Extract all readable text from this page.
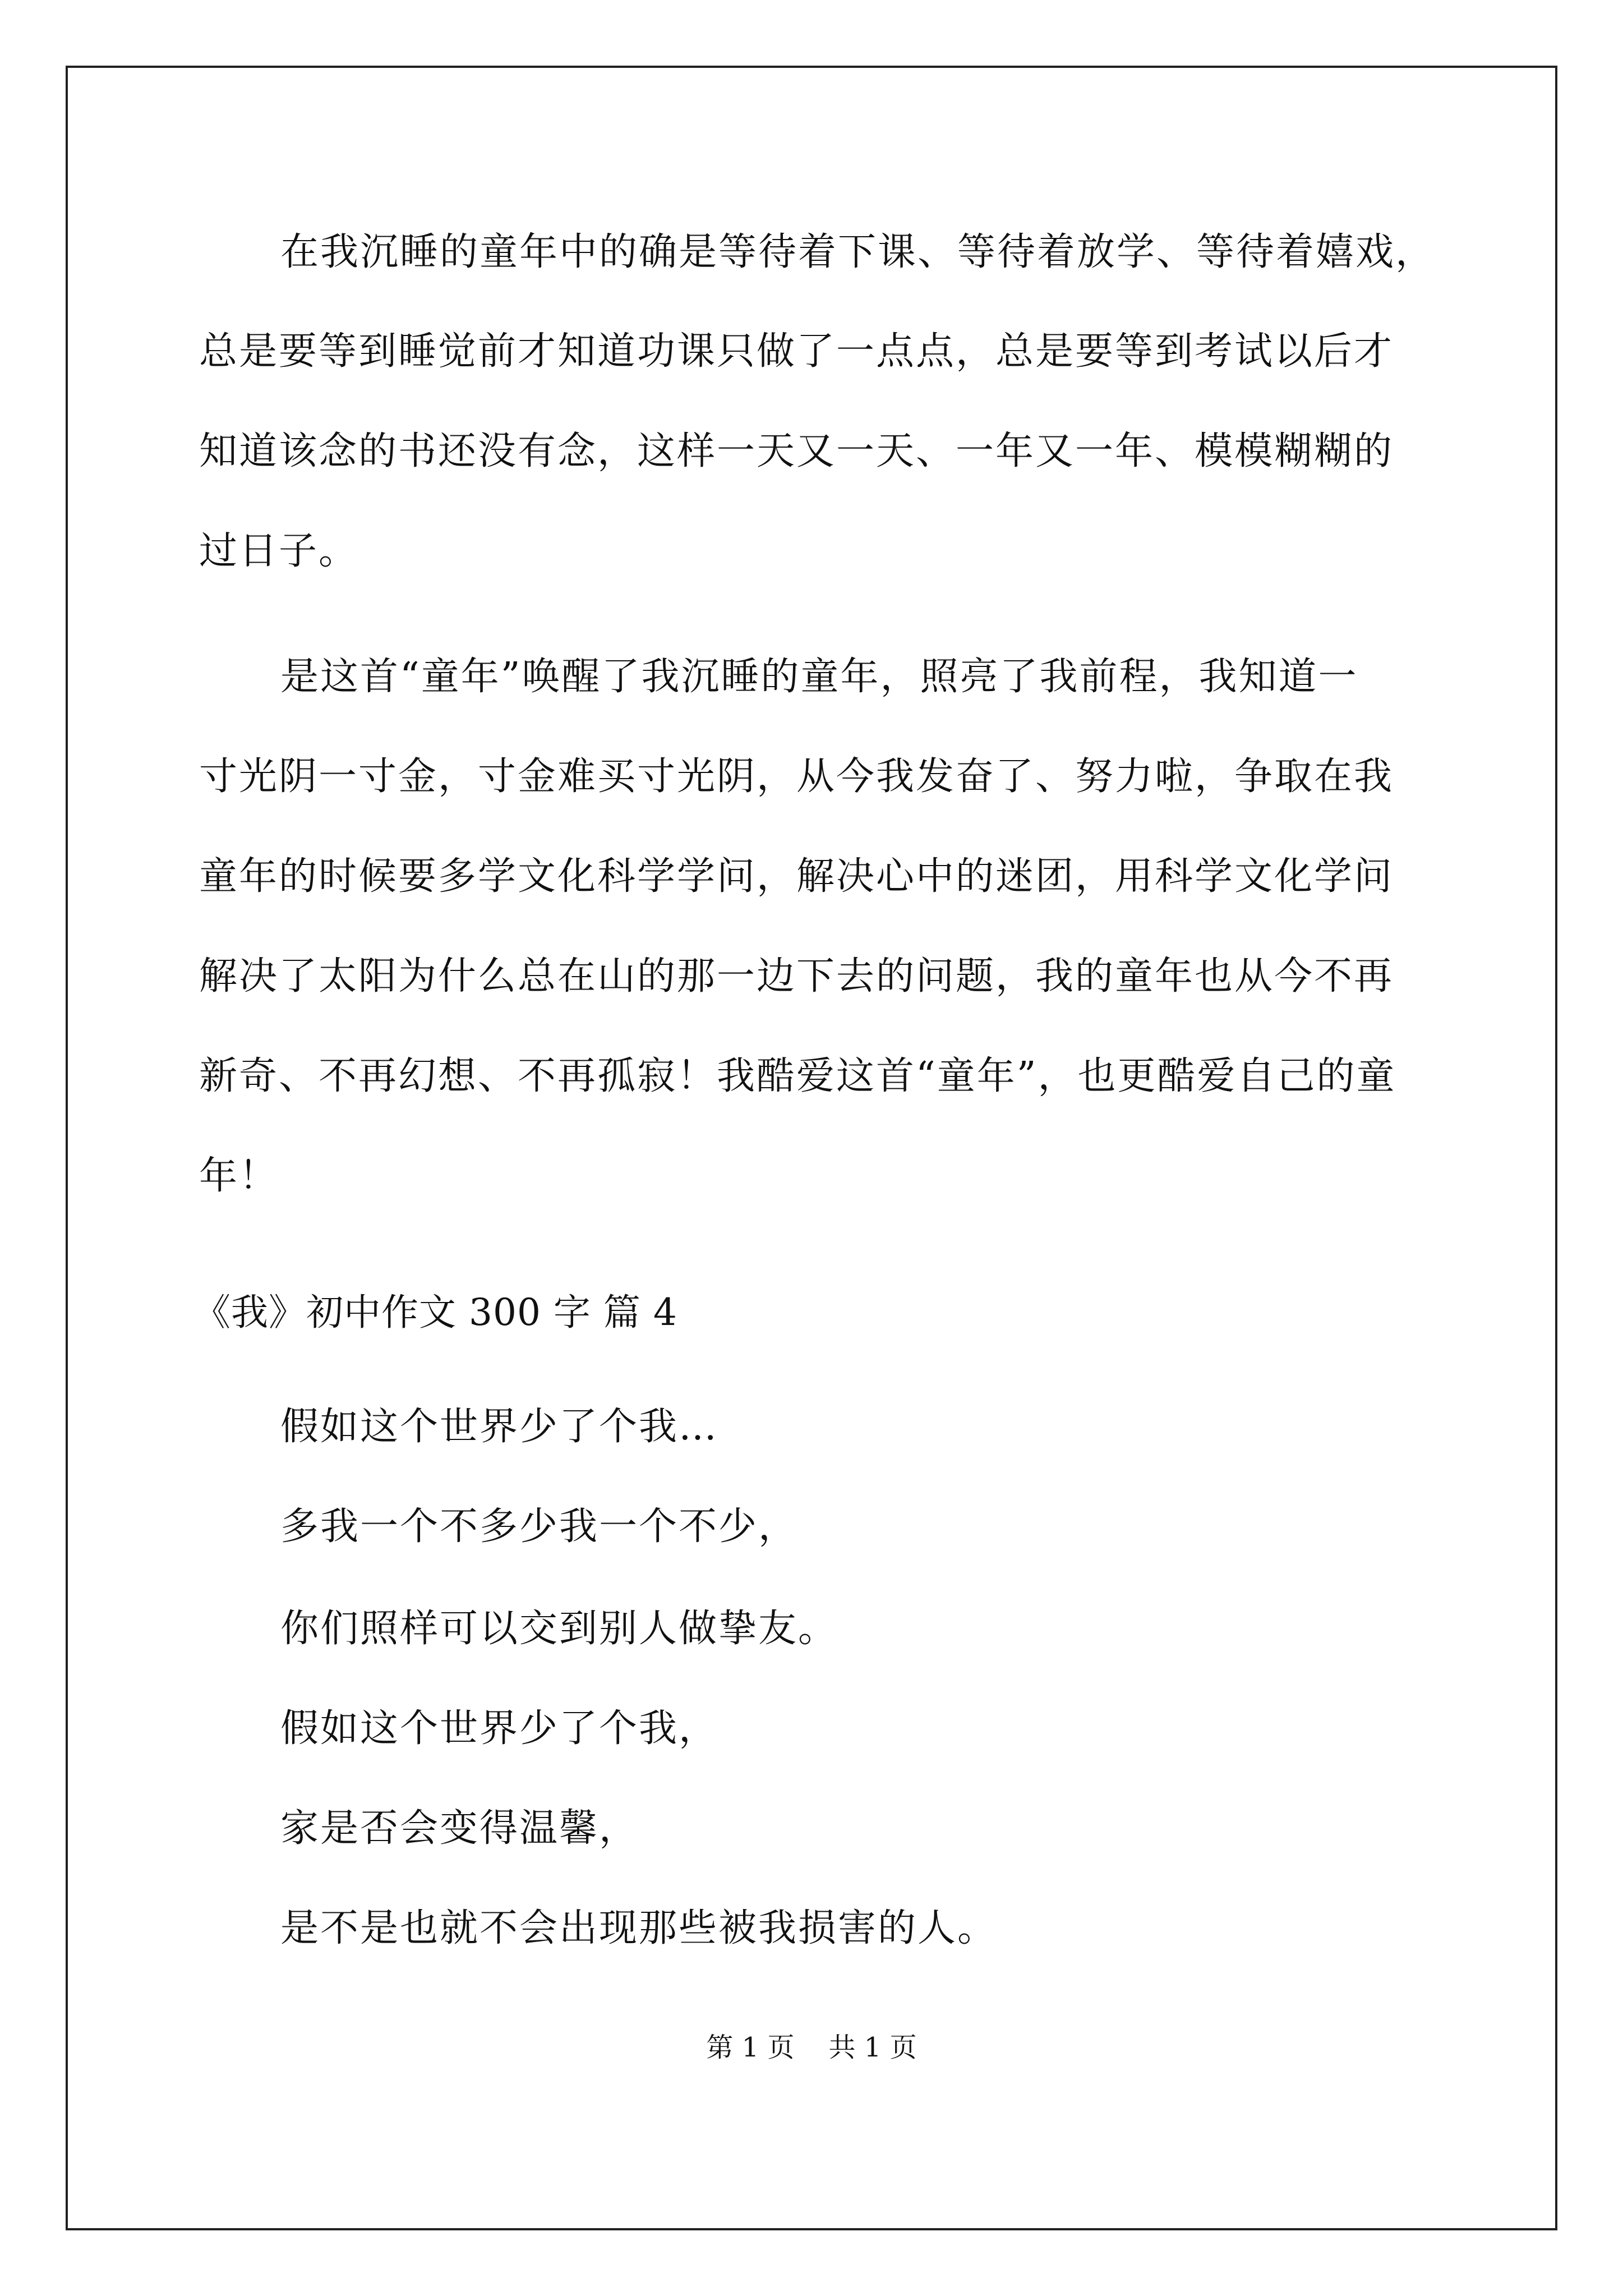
在我沉睡的童年中的确是等待着下课、等待着放学、等待着嬉戏，
总是要等到睡觉前才知道功课只做了一点点，总是要等到考试以后才
知道该念的书还没有念，这样一天又一天、一年又一年、模模糊糊的
过日子。
是这首“童年”唤醒了我沉睡的童年，照亮了我前程，我知道一
寸光阴一寸金，寸金难买寸光阴，从今我发奋了、努力啦，争取在我
童年的时候要多学文化科学学问，解决心中的迷团，用科学文化学问
解决了太阳为什么总在山的那一边下去的问题，我的童年也从今不再
新奇、不再幻想、不再孤寂！我酷爱这首“童年”，也更酷爱自己的童
年！
《我》初中作文 300 字 篇 4
假如这个世界少了个我…
多我一个不多少我一个不少，
你们照样可以交到别人做挚友。
假如这个世界少了个我，
家是否会变得温馨，
是不是也就不会出现那些被我损害的人。
第 1 页    共 1 页
